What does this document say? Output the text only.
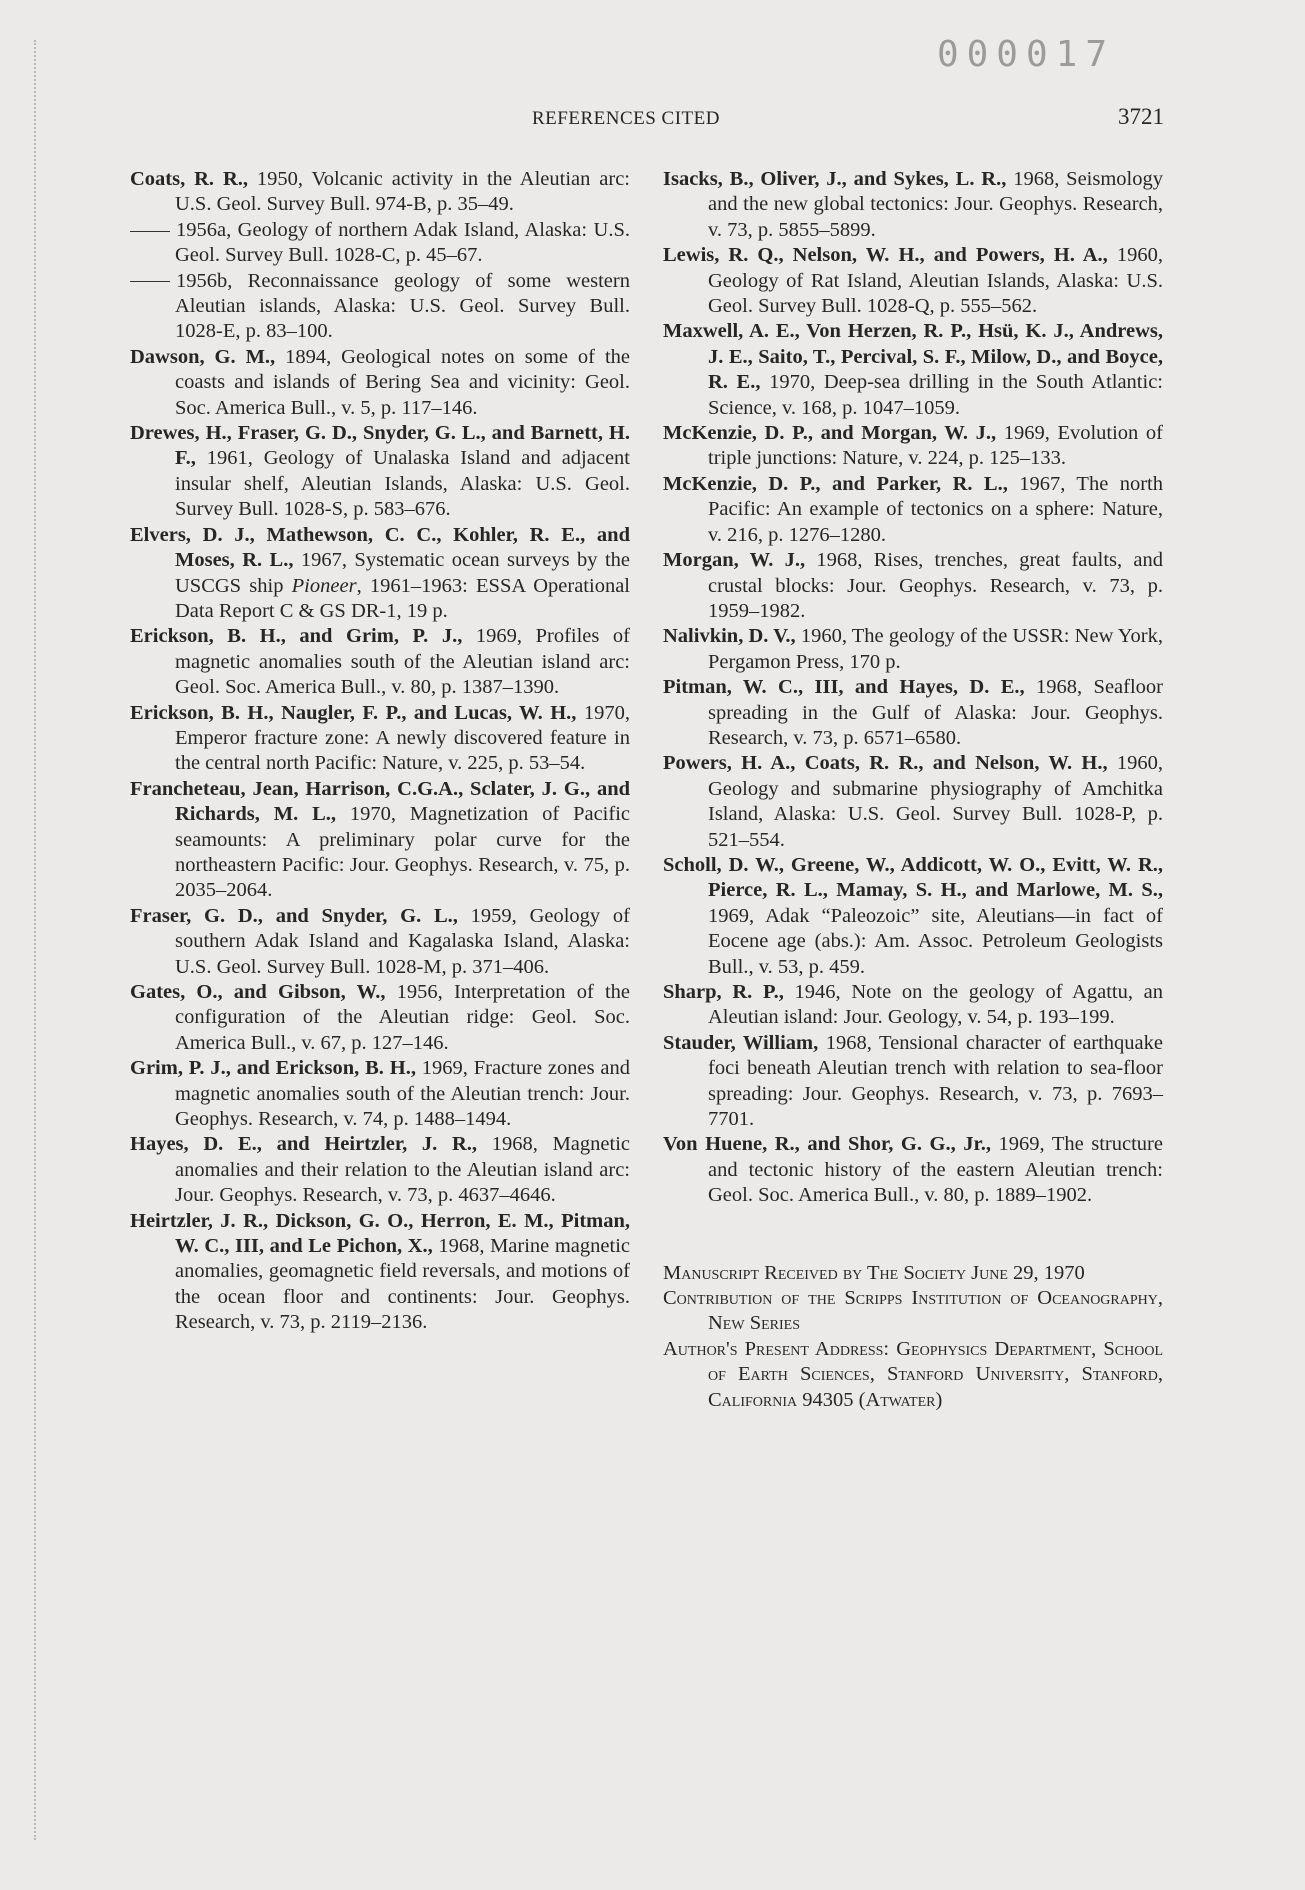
000017
REFERENCES CITED	3721

Coats, R. R., 1950, Volcanic activity in the Aleutian arc: U.S. Geol. Survey Bull. 974-B, p. 35–49.

1956a, Geology of northern Adak Island, Alaska: U.S. Geol. Survey Bull. 1028-C, p. 45–67.

1956b, Reconnaissance geology of some western Aleutian islands, Alaska: U.S. Geol. Survey Bull. 1028-E, p. 83–100.

Dawson, G. M., 1894, Geological notes on some of the coasts and islands of Bering Sea and vicinity: Geol. Soc. America Bull., v. 5, p. 117–146.

Drewes, H., Fraser, G. D., Snyder, G. L., and Barnett, H. F., 1961, Geology of Unalaska Island and adjacent insular shelf, Aleutian Islands, Alaska: U.S. Geol. Survey Bull. 1028-S, p. 583–676.

Elvers, D. J., Mathewson, C. C., Kohler, R. E., and Moses, R. L., 1967, Systematic ocean surveys by the USCGS ship Pioneer, 1961–1963: ESSA Operational Data Report C & GS DR-1, 19 p.

Erickson, B. H., and Grim, P. J., 1969, Profiles of magnetic anomalies south of the Aleutian island arc: Geol. Soc. America Bull., v. 80, p. 1387–1390.

Erickson, B. H., Naugler, F. P., and Lucas, W. H., 1970, Emperor fracture zone: A newly discovered feature in the central north Pacific: Nature, v. 225, p. 53–54.

Francheteau, Jean, Harrison, C.G.A., Sclater, J. G., and Richards, M. L., 1970, Magnetization of Pacific seamounts: A preliminary polar curve for the northeastern Pacific: Jour. Geophys. Research, v. 75, p. 2035–2064.

Fraser, G. D., and Snyder, G. L., 1959, Geology of southern Adak Island and Kagalaska Island, Alaska: U.S. Geol. Survey Bull. 1028-M, p. 371–406.

Gates, O., and Gibson, W., 1956, Interpretation of the configuration of the Aleutian ridge: Geol. Soc. America Bull., v. 67, p. 127–146.

Grim, P. J., and Erickson, B. H., 1969, Fracture zones and magnetic anomalies south of the Aleutian trench: Jour. Geophys. Research, v. 74, p. 1488–1494.

Hayes, D. E., and Heirtzler, J. R., 1968, Magnetic anomalies and their relation to the Aleutian island arc: Jour. Geophys. Research, v. 73, p. 4637–4646.

Heirtzler, J. R., Dickson, G. O., Herron, E. M., Pitman, W. C., III, and Le Pichon, X., 1968, Marine magnetic anomalies, geomagnetic field reversals, and motions of the ocean floor and continents: Jour. Geophys. Research, v. 73, p. 2119–2136.

Isacks, B., Oliver, J., and Sykes, L. R., 1968, Seismology and the new global tectonics: Jour. Geophys. Research, v. 73, p. 5855–5899.

Lewis, R. Q., Nelson, W. H., and Powers, H. A., 1960, Geology of Rat Island, Aleutian Islands, Alaska: U.S. Geol. Survey Bull. 1028-Q, p. 555–562.

Maxwell, A. E., Von Herzen, R. P., Hsü, K. J., Andrews, J. E., Saito, T., Percival, S. F., Milow, D., and Boyce, R. E., 1970, Deep-sea drilling in the South Atlantic: Science, v. 168, p. 1047–1059.

McKenzie, D. P., and Morgan, W. J., 1969, Evolution of triple junctions: Nature, v. 224, p. 125–133.

McKenzie, D. P., and Parker, R. L., 1967, The north Pacific: An example of tectonics on a sphere: Nature, v. 216, p. 1276–1280.

Morgan, W. J., 1968, Rises, trenches, great faults, and crustal blocks: Jour. Geophys. Research, v. 73, p. 1959–1982.

Nalivkin, D. V., 1960, The geology of the USSR: New York, Pergamon Press, 170 p.

Pitman, W. C., III, and Hayes, D. E., 1968, Seafloor spreading in the Gulf of Alaska: Jour. Geophys. Research, v. 73, p. 6571–6580.

Powers, H. A., Coats, R. R., and Nelson, W. H., 1960, Geology and submarine physiography of Amchitka Island, Alaska: U.S. Geol. Survey Bull. 1028-P, p. 521–554.

Scholl, D. W., Greene, W., Addicott, W. O., Evitt, W. R., Pierce, R. L., Mamay, S. H., and Marlowe, M. S., 1969, Adak “Paleozoic” site, Aleutians—in fact of Eocene age (abs.): Am. Assoc. Petroleum Geologists Bull., v. 53, p. 459.

Sharp, R. P., 1946, Note on the geology of Agattu, an Aleutian island: Jour. Geology, v. 54, p. 193–199.

Stauder, William, 1968, Tensional character of earthquake foci beneath Aleutian trench with relation to sea-floor spreading: Jour. Geophys. Research, v. 73, p. 7693–7701.

Von Huene, R., and Shor, G. G., Jr., 1969, The structure and tectonic history of the eastern Aleutian trench: Geol. Soc. America Bull., v. 80, p. 1889–1902.

Manuscript Received by The Society June 29, 1970

Contribution of the Scripps Institution of Oceanography, New Series

Author's Present Address: Geophysics Department, School of Earth Sciences, Stanford University, Stanford, California 94305 (Atwater)
